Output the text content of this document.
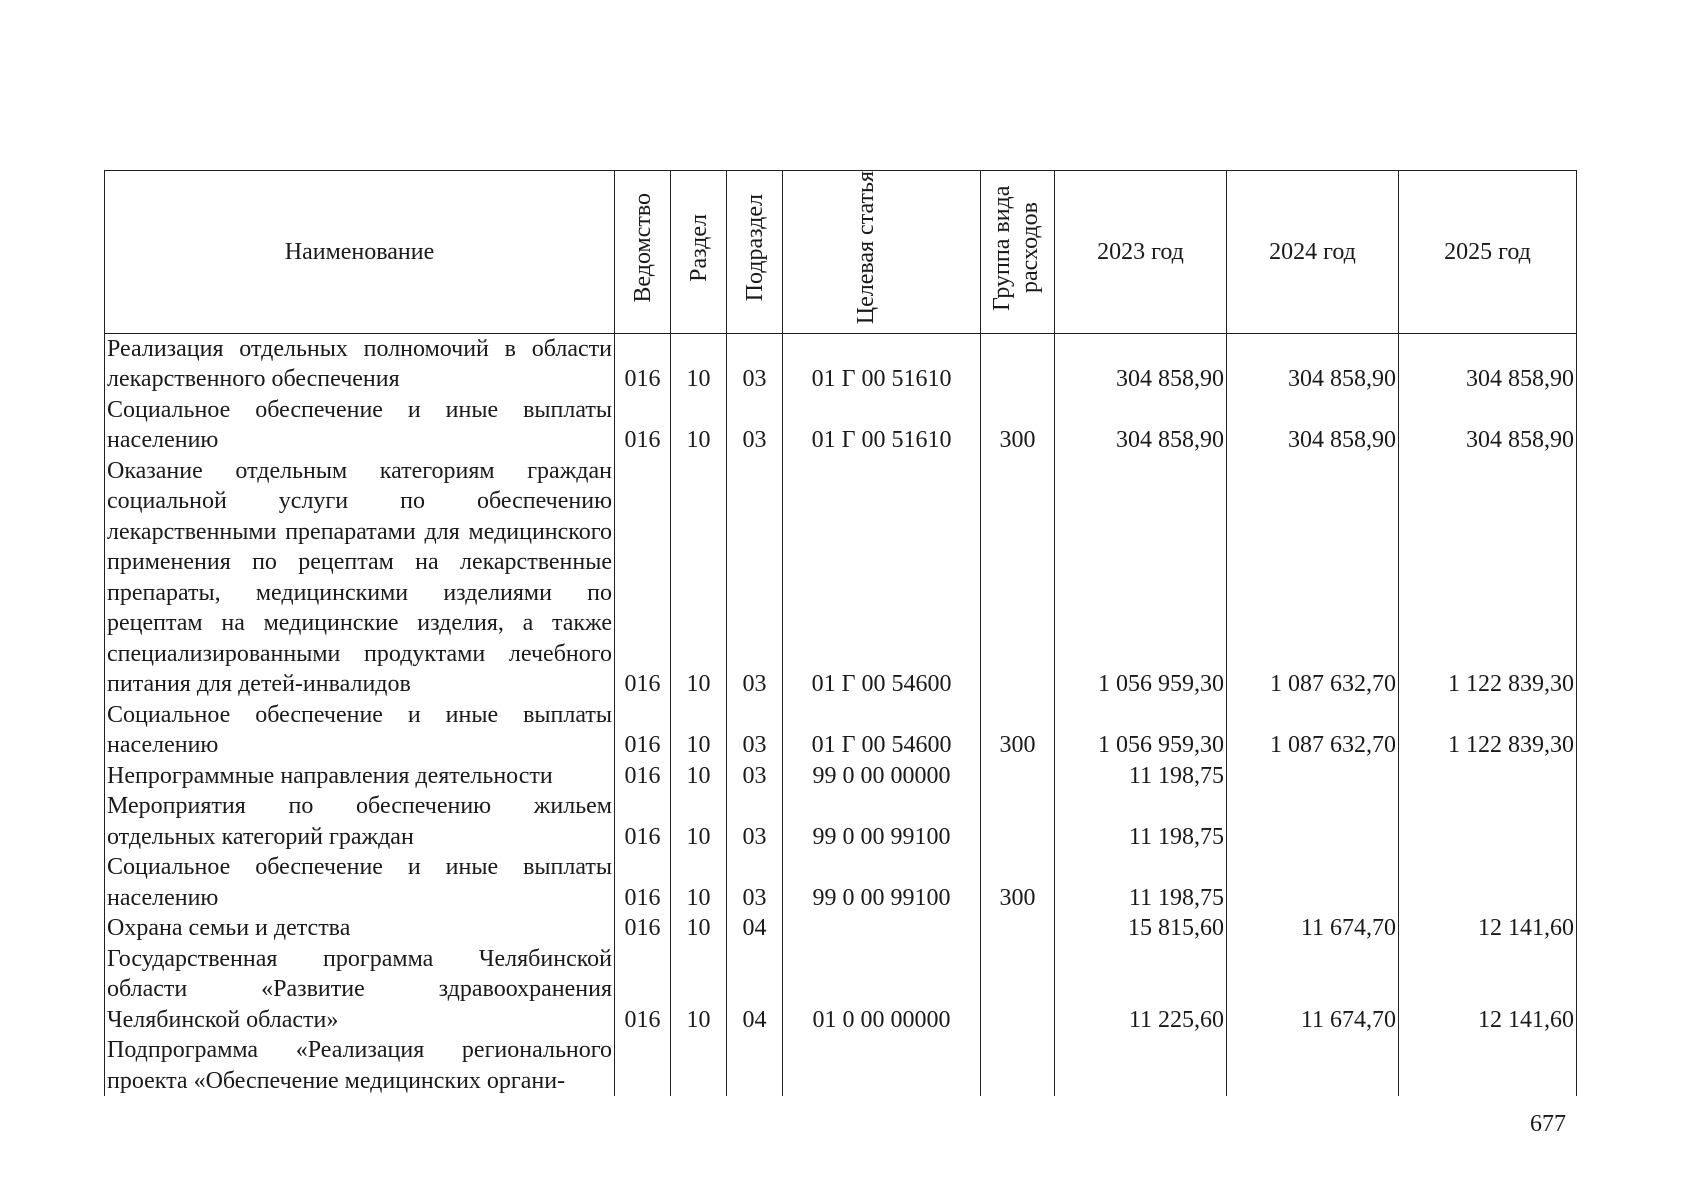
Наименование	Ведомство	Раздел	Подраздел	Целевая статья	Группа вида расходов	2023 год	2024 год	2025 год
Реализация отдельных полномочий в области лекарственного обеспечения	016	10	03	01 Г 00 51610		304 858,90	304 858,90	304 858,90
Социальное обеспечение и иные выплаты населению	016	10	03	01 Г 00 51610	300	304 858,90	304 858,90	304 858,90
Оказание отдельным категориям граждан социальной услуги по обеспечению лекарственными препаратами для медицинского применения по рецептам на лекарственные препараты, медицинскими изделиями по рецептам на медицинские изделия, а также специализированными продуктами лечебного питания для детей-инвалидов	016	10	03	01 Г 00 54600		1 056 959,30	1 087 632,70	1 122 839,30
Социальное обеспечение и иные выплаты населению	016	10	03	01 Г 00 54600	300	1 056 959,30	1 087 632,70	1 122 839,30
Непрограммные направления деятельности	016	10	03	99 0 00 00000		11 198,75		
Мероприятия по обеспечению жильем отдельных категорий граждан	016	10	03	99 0 00 99100		11 198,75		
Социальное обеспечение и иные выплаты населению	016	10	03	99 0 00 99100	300	11 198,75		
Охрана семьи и детства	016	10	04			15 815,60	11 674,70	12 141,60
Государственная программа Челябинской области «Развитие здравоохранения Челябинской области»	016	10	04	01 0 00 00000		11 225,60	11 674,70	12 141,60
Подпрограмма «Реализация регионального проекта «Обеспечение медицинских органи-								
677
